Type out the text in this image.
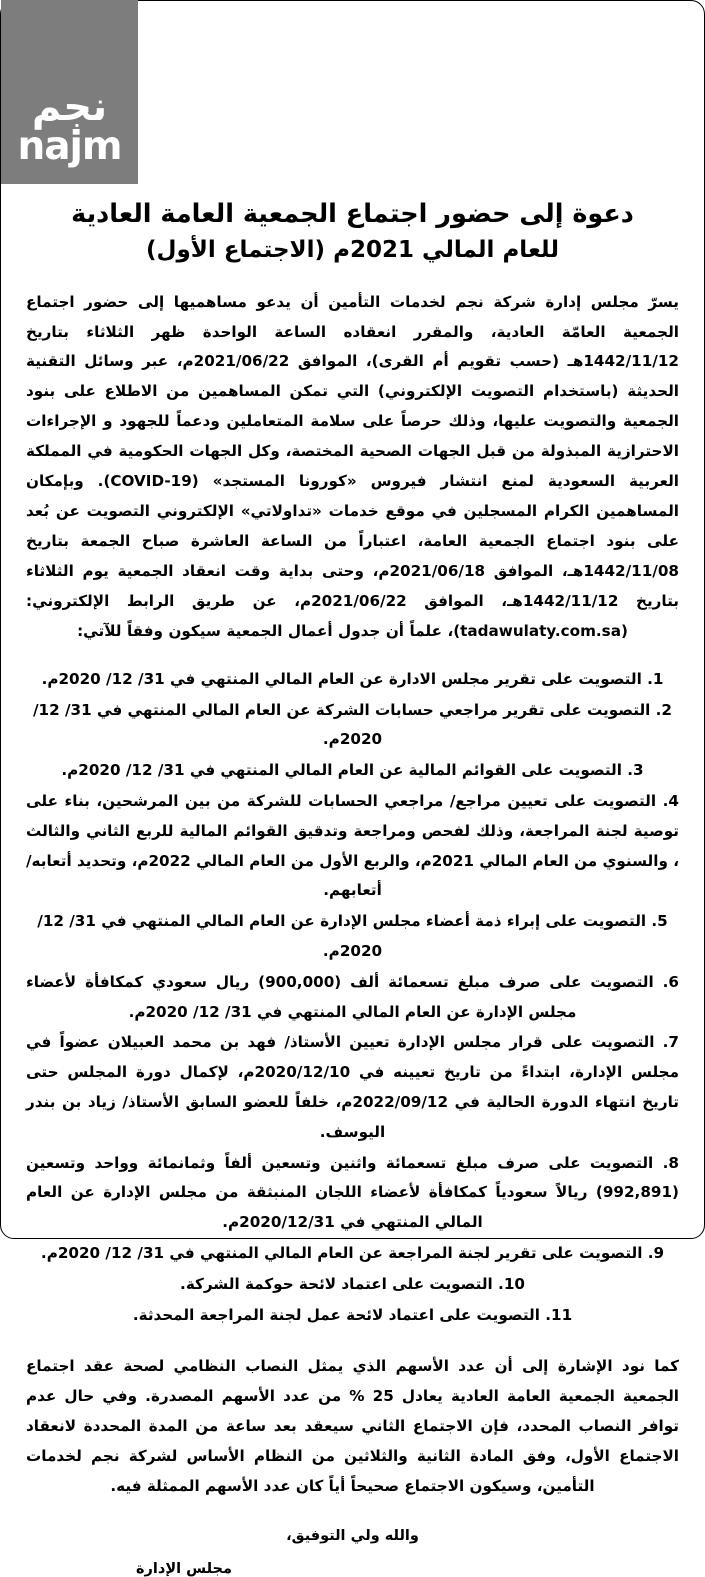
نجم
najm
دعوة إلى حضور اجتماع الجمعية العامة العادية
للعام المالي 2021م (الاجتماع الأول)

يسرّ مجلس إدارة شركة نجم لخدمات التأمين أن يدعو مساهميها إلى حضور اجتماع الجمعية العامّة العادية، والمقرر انعقاده الساعة الواحدة ظهر الثلاثاء بتاريخ 1442/11/12هـ (حسب تقويم أم القرى)، الموافق 2021/06/22م، عبر وسائل التقنية الحديثة (باستخدام التصويت الإلكتروني) التي تمكن المساهمين من الاطلاع على بنود الجمعية والتصويت عليها، وذلك حرصاً على سلامة المتعاملين ودعماً للجهود و الإجراءات الاحترازية المبذولة من قبل الجهات الصحية المختصة، وكل الجهات الحكومية في المملكة العربية السعودية لمنع انتشار فيروس «كورونا المستجد» (COVID-19). وبإمكان المساهمين الكرام المسجلين في موقع خدمات «تداولاتي» الإلكتروني التصويت عن بُعد على بنود اجتماع الجمعية العامة، اعتباراً من الساعة العاشرة صباح الجمعة بتاريخ 1442/11/08هـ، الموافق 2021/06/18م، وحتى بداية وقت انعقاد الجمعية يوم الثلاثاء بتاريخ 1442/11/12هـ، الموافق 2021/06/22م، عن طريق الرابط الإلكتروني: (tadawulaty.com.sa)، علماً أن جدول أعمال الجمعية سيكون وفقاً للآتي:

1. التصويت على تقرير مجلس الادارة عن العام المالي المنتهي في 31/ 12/ 2020م.
2. التصويت على تقرير مراجعي حسابات الشركة عن العام المالي المنتهي في 31/ 12/ 2020م.
3. التصويت على القوائم المالية عن العام المالي المنتهي في 31/ 12/ 2020م.
4. التصويت على تعيين مراجع/ مراجعي الحسابات للشركة من بين المرشحين، بناء على توصية لجنة المراجعة، وذلك لفحص ومراجعة وتدقيق القوائم المالية للربع الثاني والثالث ، والسنوي من العام المالي 2021م، والربع الأول من العام المالي 2022م، وتحديد أتعابه/ أتعابهم.
5. التصويت على إبراء ذمة أعضاء مجلس الإدارة عن العام المالي المنتهي في 31/ 12/ 2020م.
6. التصويت على صرف مبلغ تسعمائة ألف (900,000) ريال سعودي كمكافأة لأعضاء مجلس الإدارة عن العام المالي المنتهي في 31/ 12/ 2020م.
7. التصويت على قرار مجلس الإدارة تعيين الأستاذ/ فهد بن محمد العبيلان عضواً في مجلس الإدارة، ابتداءً من تاريخ تعيينه في 2020/12/10م، لإكمال دورة المجلس حتى تاريخ انتهاء الدورة الحالية في 2022/09/12م، خلفاً للعضو السابق الأستاذ/ زياد بن بندر اليوسف.
8. التصويت على صرف مبلغ تسعمائة واثنين وتسعين ألفاً وثمانمائة وواحد وتسعين (992,891) ريالاً سعودياً كمكافأة لأعضاء اللجان المنبثقة من مجلس الإدارة عن العام المالي المنتهي في 2020/12/31م.
9. التصويت على تقرير لجنة المراجعة عن العام المالي المنتهي في 31/ 12/ 2020م.
10. التصويت على اعتماد لائحة حوكمة الشركة.
11. التصويت على اعتماد لائحة عمل لجنة المراجعة المحدثة.

كما نود الإشارة إلى أن عدد الأسهم الذي يمثل النصاب النظامي لصحة عقد اجتماع الجمعية الجمعية العامة العادية يعادل 25 % من عدد الأسهم المصدرة. وفي حال عدم توافر النصاب المحدد، فإن الاجتماع الثاني سيعقد بعد ساعة من المدة المحددة لانعقاد الاجتماع الأول، وفق المادة الثانية والثلاثين من النظام الأساس لشركة نجم لخدمات التأمين، وسيكون الاجتماع صحيحاً أياً كان عدد الأسهم الممثلة فيه.

والله ولي التوفيق،
مجلس الإدارة
